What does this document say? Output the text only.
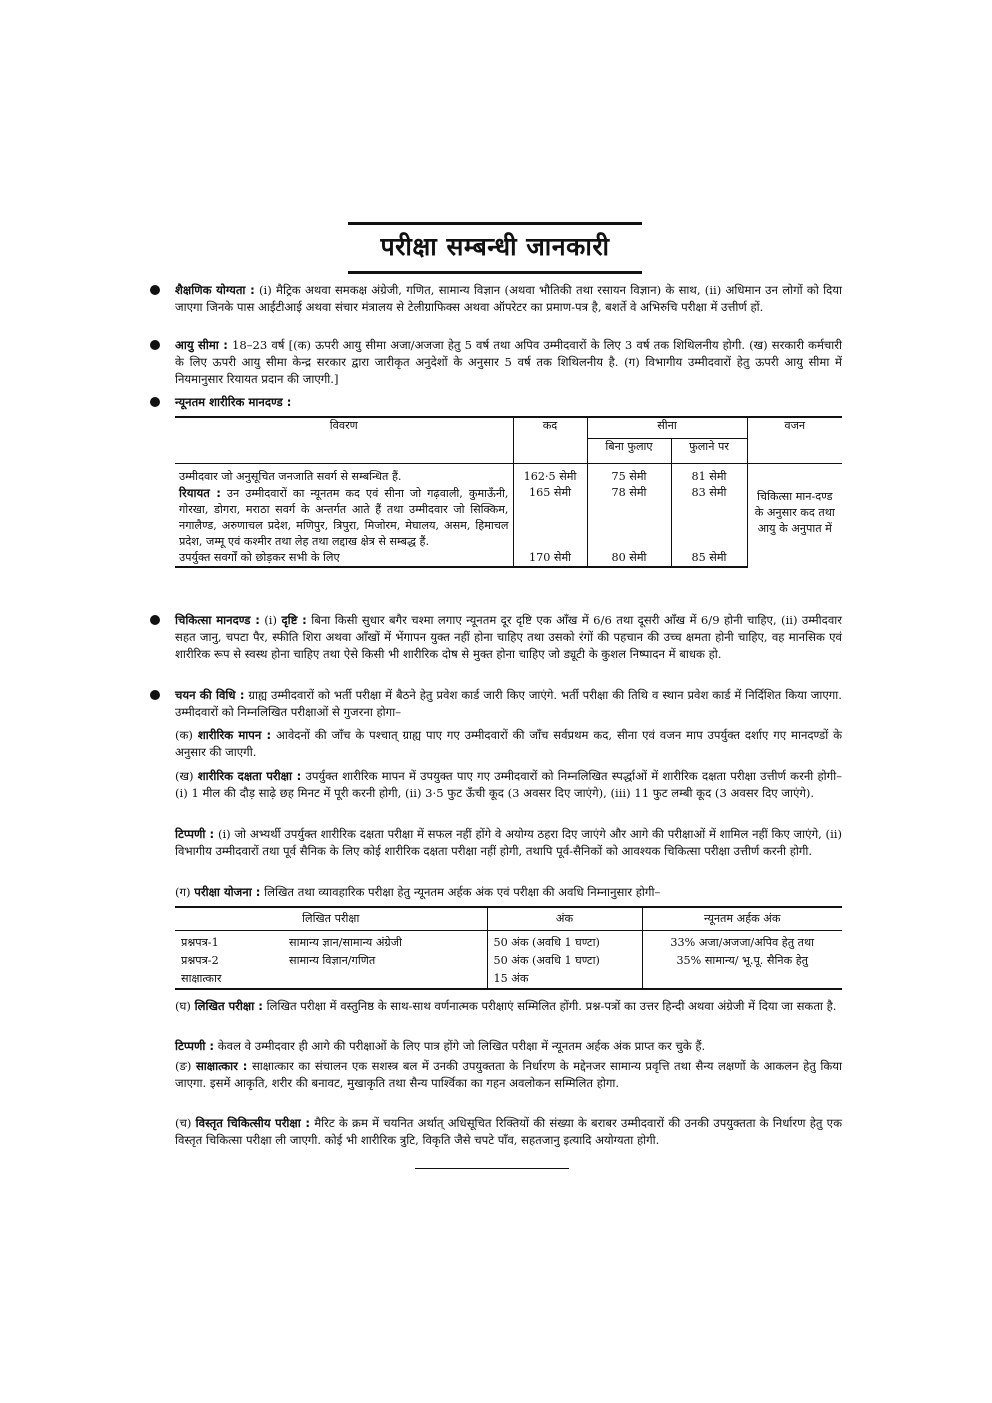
परीक्षा सम्बन्धी जानकारी
शैक्षणिक योग्यता : (i) मैट्रिक अथवा समकक्ष अंग्रेजी, गणित, सामान्य विज्ञान (अथवा भौतिकी तथा रसायन विज्ञान) के साथ, (ii) अधिमान उन लोगों को दिया जाएगा जिनके पास आईटीआई अथवा संचार मंत्रालय से टेलीग्राफिक्स अथवा ऑपरेटर का प्रमाण-पत्र है, बशर्ते वे अभिरुचि परीक्षा में उत्तीर्ण हों.
आयु सीमा : 18–23 वर्ष [(क) ऊपरी आयु सीमा अजा/अजजा हेतु 5 वर्ष तथा अपिव उम्मीदवारों के लिए 3 वर्ष तक शिथिलनीय होगी. (ख) सरकारी कर्मचारी के लिए ऊपरी आयु सीमा केन्द्र सरकार द्वारा जारीकृत अनुदेशों के अनुसार 5 वर्ष तक शिथिलनीय है. (ग) विभागीय उम्मीदवारों हेतु ऊपरी आयु सीमा में नियमानुसार रियायत प्रदान की जाएगी.]
न्यूनतम शारीरिक मानदण्ड :
विवरण	कद	सीना		वजन
		बिना फुलाए	फुलाने पर	
उम्मीदवार जो अनुसूचित जनजाति सवर्ग से सम्बन्धित हैं.	162·5 सेमी	75 सेमी	81 सेमी	चिकित्सा मान-दण्ड के अनुसार कद तथा आयु के अनुपात में
रियायत : उन उम्मीदवारों का न्यूनतम कद एवं सीना जो गढ़वाली, कुमाऊँनी, गोरखा, डोगरा, मराठा सवर्ग के अन्तर्गत आते हैं तथा उम्मीदवार जो सिक्किम, नगालैण्ड, अरुणाचल प्रदेश, मणिपुर, त्रिपुरा, मिजोरम, मेघालय, असम, हिमाचल प्रदेश, जम्मू एवं कश्मीर तथा लेह तथा लद्दाख क्षेत्र से सम्बद्ध हैं.	165 सेमी	78 सेमी	83 सेमी	
उपर्युक्त सवर्गों को छोड़कर सभी के लिए	170 सेमी	80 सेमी	85 सेमी	
चिकित्सा मानदण्ड : (i) दृष्टि : बिना किसी सुधार बगैर चश्मा लगाए न्यूनतम दूर दृष्टि एक आँख में 6/6 तथा दूसरी आँख में 6/9 होनी चाहिए, (ii) उम्मीदवार सहत जानु, चपटा पैर, स्फीति शिरा अथवा आँखों में भेंगापन युक्त नहीं होना चाहिए तथा उसको रंगों की पहचान की उच्च क्षमता होनी चाहिए, वह मानसिक एवं शारीरिक रूप से स्वस्थ होना चाहिए तथा ऐसे किसी भी शारीरिक दोष से मुक्त होना चाहिए जो ड्यूटी के कुशल निष्पादन में बाधक हो.
चयन की विधि : ग्राह्य उम्मीदवारों को भर्ती परीक्षा में बैठने हेतु प्रवेश कार्ड जारी किए जाएंगे. भर्ती परीक्षा की तिथि व स्थान प्रवेश कार्ड में निर्दिशित किया जाएगा. उम्मीदवारों को निम्नलिखित परीक्षाओं से गुजरना होगा–
(क) शारीरिक मापन : आवेदनों की जाँच के पश्चात् ग्राह्य पाए गए उम्मीदवारों की जाँच सर्वप्रथम कद, सीना एवं वजन माप उपर्युक्त दर्शाए गए मानदण्डों के अनुसार की जाएगी.
(ख) शारीरिक दक्षता परीक्षा : उपर्युक्त शारीरिक मापन में उपयुक्त पाए गए उम्मीदवारों को निम्नलिखित स्पर्द्धाओं में शारीरिक दक्षता परीक्षा उत्तीर्ण करनी होगी–(i) 1 मील की दौड़ साढ़े छह मिनट में पूरी करनी होगी, (ii) 3·5 फुट ऊँची कूद (3 अवसर दिए जाएंगे), (iii) 11 फुट लम्बी कूद (3 अवसर दिए जाएंगे).
टिप्पणी : (i) जो अभ्यर्थी उपर्युक्त शारीरिक दक्षता परीक्षा में सफल नहीं होंगे वे अयोग्य ठहरा दिए जाएंगे और आगे की परीक्षाओं में शामिल नहीं किए जाएंगे, (ii) विभागीय उम्मीदवारों तथा पूर्व सैनिक के लिए कोई शारीरिक दक्षता परीक्षा नहीं होगी, तथापि पूर्व-सैनिकों को आवश्यक चिकित्सा परीक्षा उत्तीर्ण करनी होगी.
(ग) परीक्षा योजना : लिखित तथा व्यावहारिक परीक्षा हेतु न्यूनतम अर्हक अंक एवं परीक्षा की अवधि निम्नानुसार होगी–
लिखित परीक्षा		अंक	न्यूनतम अर्हक अंक
प्रश्नपत्र-1	सामान्य ज्ञान/सामान्य अंग्रेजी	50 अंक (अवधि 1 घण्टा)	33% अजा/अजजा/अपिव हेतु तथा 35% सामान्य/ भू.पू. सैनिक हेतु
प्रश्नपत्र-2	सामान्य विज्ञान/गणित	50 अंक (अवधि 1 घण्टा)	
साक्षात्कार		15 अंक	
(घ) लिखित परीक्षा : लिखित परीक्षा में वस्तुनिष्ठ के साथ-साथ वर्णनात्मक परीक्षाएं सम्मिलित होंगी. प्रश्न-पत्रों का उत्तर हिन्दी अथवा अंग्रेजी में दिया जा सकता है.
टिप्पणी : केवल वे उम्मीदवार ही आगे की परीक्षाओं के लिए पात्र होंगे जो लिखित परीक्षा में न्यूनतम अर्हक अंक प्राप्त कर चुके हैं.
(ङ) साक्षात्कार : साक्षात्कार का संचालन एक सशस्त्र बल में उनकी उपयुक्तता के निर्धारण के मद्देनजर सामान्य प्रवृत्ति तथा सैन्य लक्षणों के आकलन हेतु किया जाएगा. इसमें आकृति, शरीर की बनावट, मुखाकृति तथा सैन्य पार्श्विका का गहन अवलोकन सम्मिलित होगा.
(च) विस्तृत चिकित्सीय परीक्षा : मैरिट के क्रम में चयनित अर्थात् अधिसूचित रिक्तियों की संख्या के बराबर उम्मीदवारों की उनकी उपयुक्तता के निर्धारण हेतु एक विस्तृत चिकित्सा परीक्षा ली जाएगी. कोई भी शारीरिक त्रुटि, विकृति जैसे चपटे पाँव, सहतजानु इत्यादि अयोग्यता होगी.
